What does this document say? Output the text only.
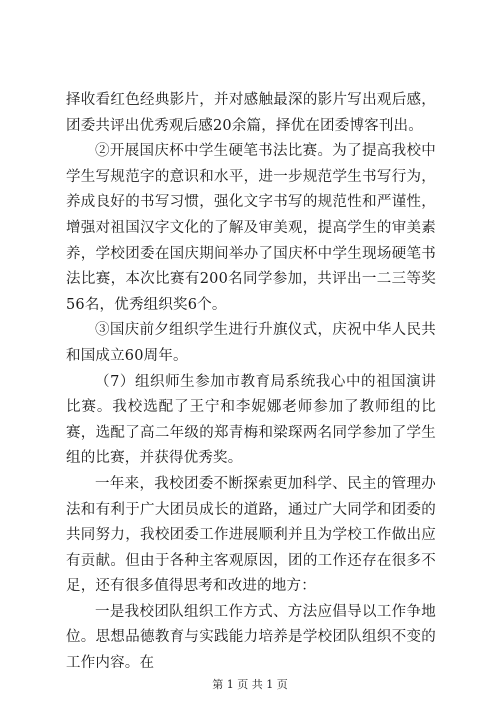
择收看红色经典影片，并对感触最深的影片写出观后感，团委共评出优秀观后感20余篇，择优在团委博客刊出。

②开展国庆杯中学生硬笔书法比赛。为了提高我校中学生写规范字的意识和水平，进一步规范学生书写行为，养成良好的书写习惯，强化文字书写的规范性和严谨性，增强对祖国汉字文化的了解及审美观，提高学生的审美素养，学校团委在国庆期间举办了国庆杯中学生现场硬笔书法比赛，本次比赛有200名同学参加，共评出一二三等奖56名，优秀组织奖6个。

③国庆前夕组织学生进行升旗仪式，庆祝中华人民共和国成立60周年。

（7）组织师生参加市教育局系统我心中的祖国演讲比赛。我校选配了王宁和李妮娜老师参加了教师组的比赛，选配了高二年级的郑青梅和梁琛两名同学参加了学生组的比赛，并获得优秀奖。

一年来，我校团委不断探索更加科学、民主的管理办法和有利于广大团员成长的道路，通过广大同学和团委的共同努力，我校团委工作进展顺利并且为学校工作做出应有贡献。但由于各种主客观原因，团的工作还存在很多不足，还有很多值得思考和改进的地方：

一是我校团队组织工作方式、方法应倡导以工作争地位。思想品德教育与实践能力培养是学校团队组织不变的工作内容。在

第 1 页 共 1 页
